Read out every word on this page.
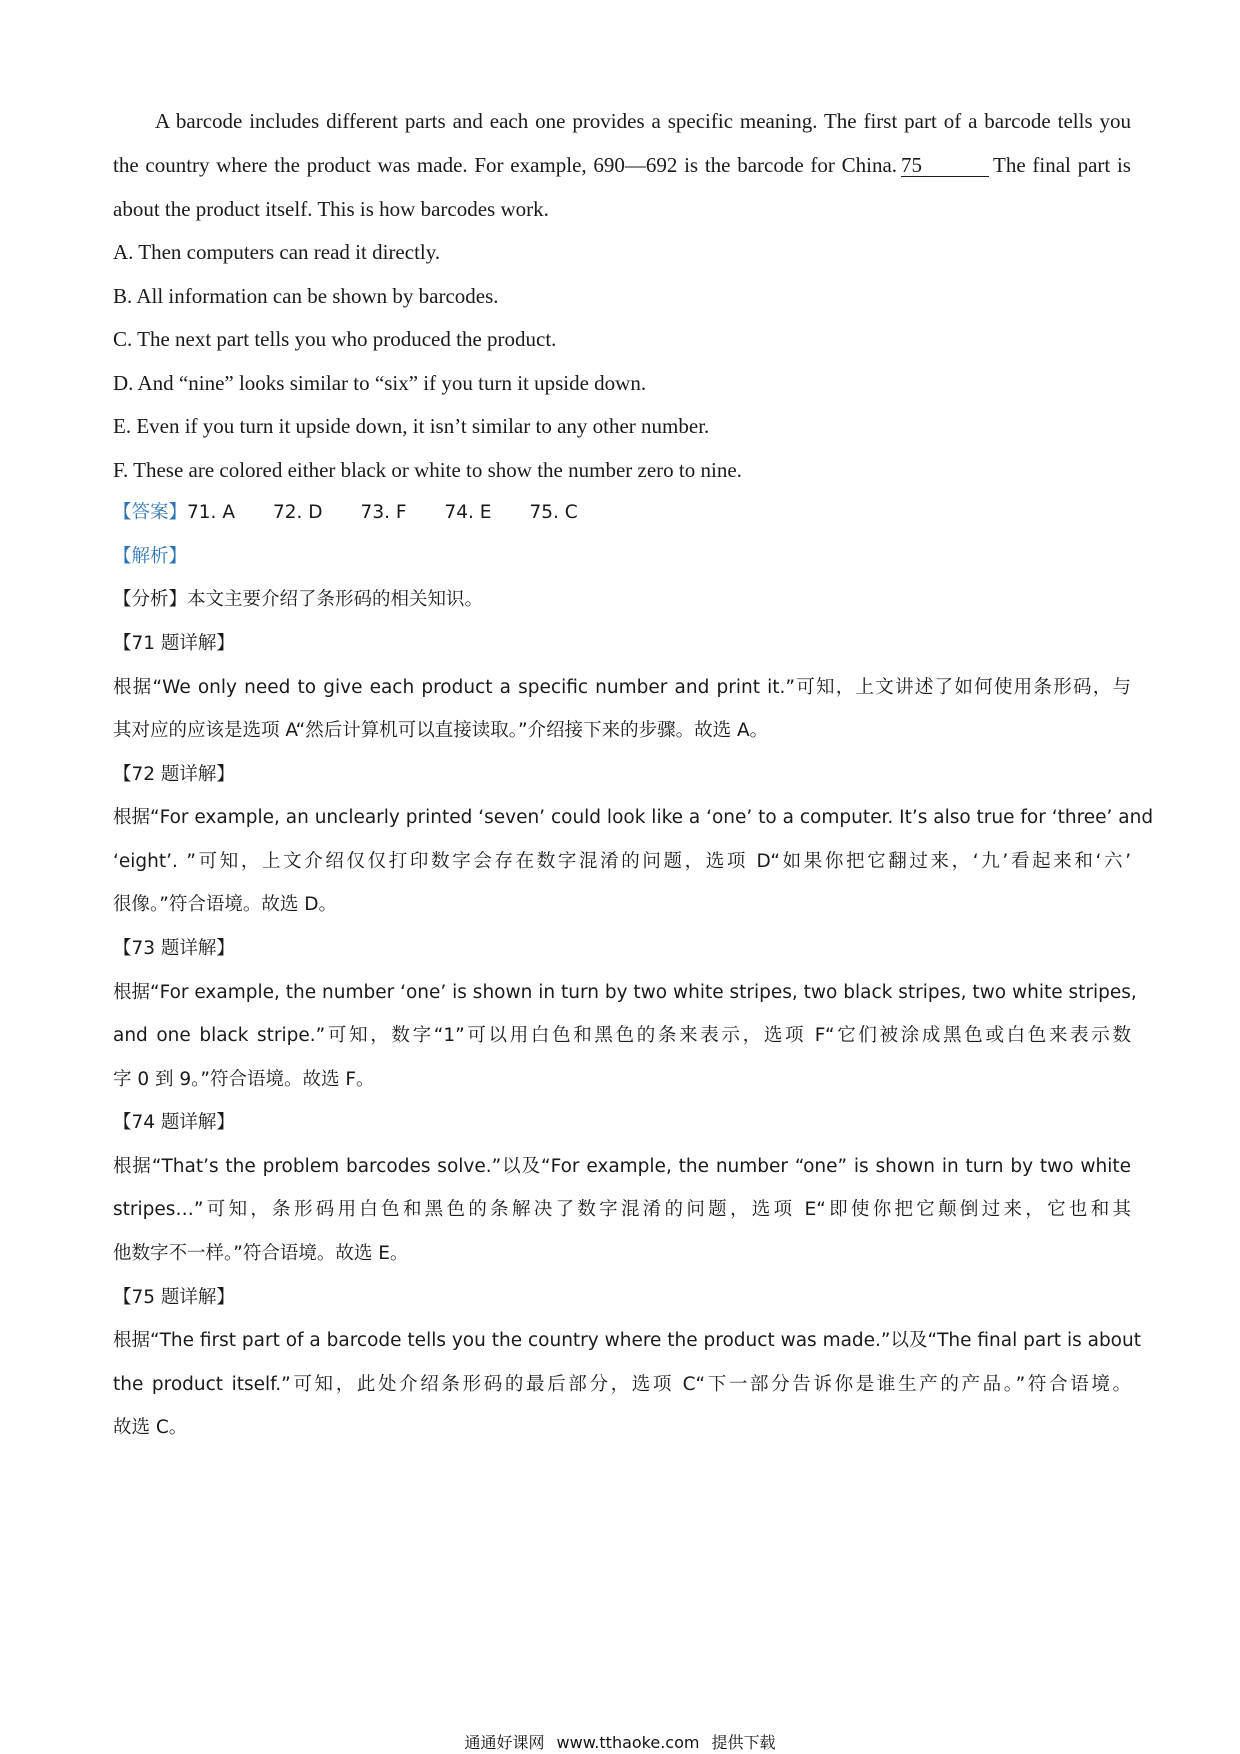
A barcode includes different parts and each one provides a specific meaning. The first part of a barcode tells you
the country where the product was made. For example, 690—692 is the barcode for China. 75	The final part is
about the product itself. This is how barcodes work.
A. Then computers can read it directly.
B. All information can be shown by barcodes.
C. The next part tells you who produced the product.
D. And “nine” looks similar to “six” if you turn it upside down.
E. Even if you turn it upside down, it isn’t similar to any other number.
F. These are colored either black or white to show the number zero to nine.
【答案】71. A 72. D 73. F 74. E 75. C
【解析】
【分析】本文主要介绍了条形码的相关知识。
【71 题详解】
根据“We only need to give each product a specific number and print it.”可知，上文讲述了如何使用条形码，与
其对应的应该是选项 A“然后计算机可以直接读取。”介绍接下来的步骤。故选 A。
【72 题详解】
根据“For example, an unclearly printed ‘seven’ could look like a ‘one’ to a computer. It’s also true for ‘three’ and
‘eight’. ”可知，上文介绍仅仅打印数字会存在数字混淆的问题，选项 D“如果你把它翻过来，‘九’看起来和‘六’
很像。”符合语境。故选 D。
【73 题详解】
根据“For example, the number ‘one’ is shown in turn by two white stripes, two black stripes, two white stripes,
and one black stripe.”可知，数字“1”可以用白色和黑色的条来表示，选项 F“它们被涂成黑色或白色来表示数
字 0 到 9。”符合语境。故选 F。
【74 题详解】
根据“That’s the problem barcodes solve.”以及“For example, the number “one” is shown in turn by two white
stripes…”可知，条形码用白色和黑色的条解决了数字混淆的问题，选项 E“即使你把它颠倒过来，它也和其
他数字不一样。”符合语境。故选 E。
【75 题详解】
根据“The first part of a barcode tells you the country where the product was made.”以及“The final part is about
the product itself.”可知，此处介绍条形码的最后部分，选项 C“下一部分告诉你是谁生产的产品。”符合语境。
故选 C。
通通好课网 www.tthaoke.com 提供下载
